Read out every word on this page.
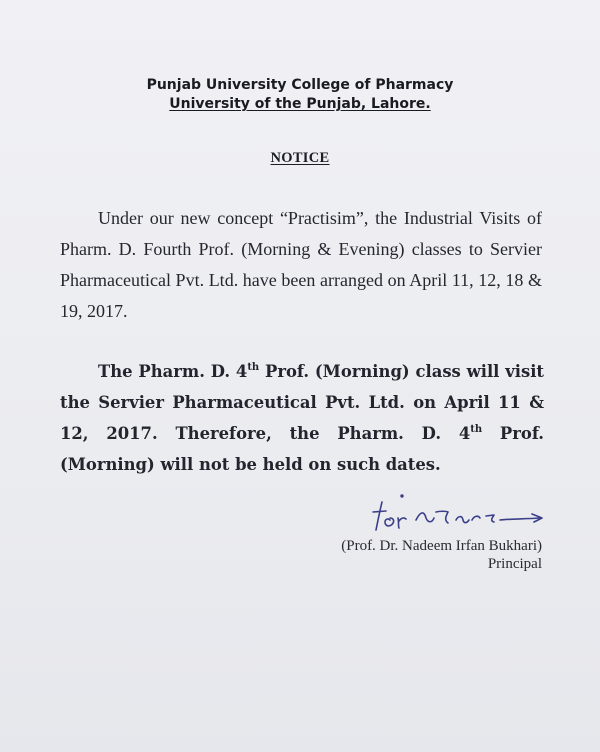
Punjab University College of Pharmacy
University of the Punjab, Lahore.
NOTICE

Under our new concept “Practisim”, the Industrial Visits of Pharm. D. Fourth Prof. (Morning & Evening) classes to Servier Pharmaceutical Pvt. Ltd. have been arranged on April 11, 12, 18 & 19, 2017.

The Pharm. D. 4th Prof. (Morning) class will visit the Servier Pharmaceutical Pvt. Ltd. on April 11 & 12, 2017. Therefore, the Pharm. D. 4th Prof. (Morning) will not be held on such dates.

(Prof. Dr. Nadeem Irfan Bukhari)
Principal
